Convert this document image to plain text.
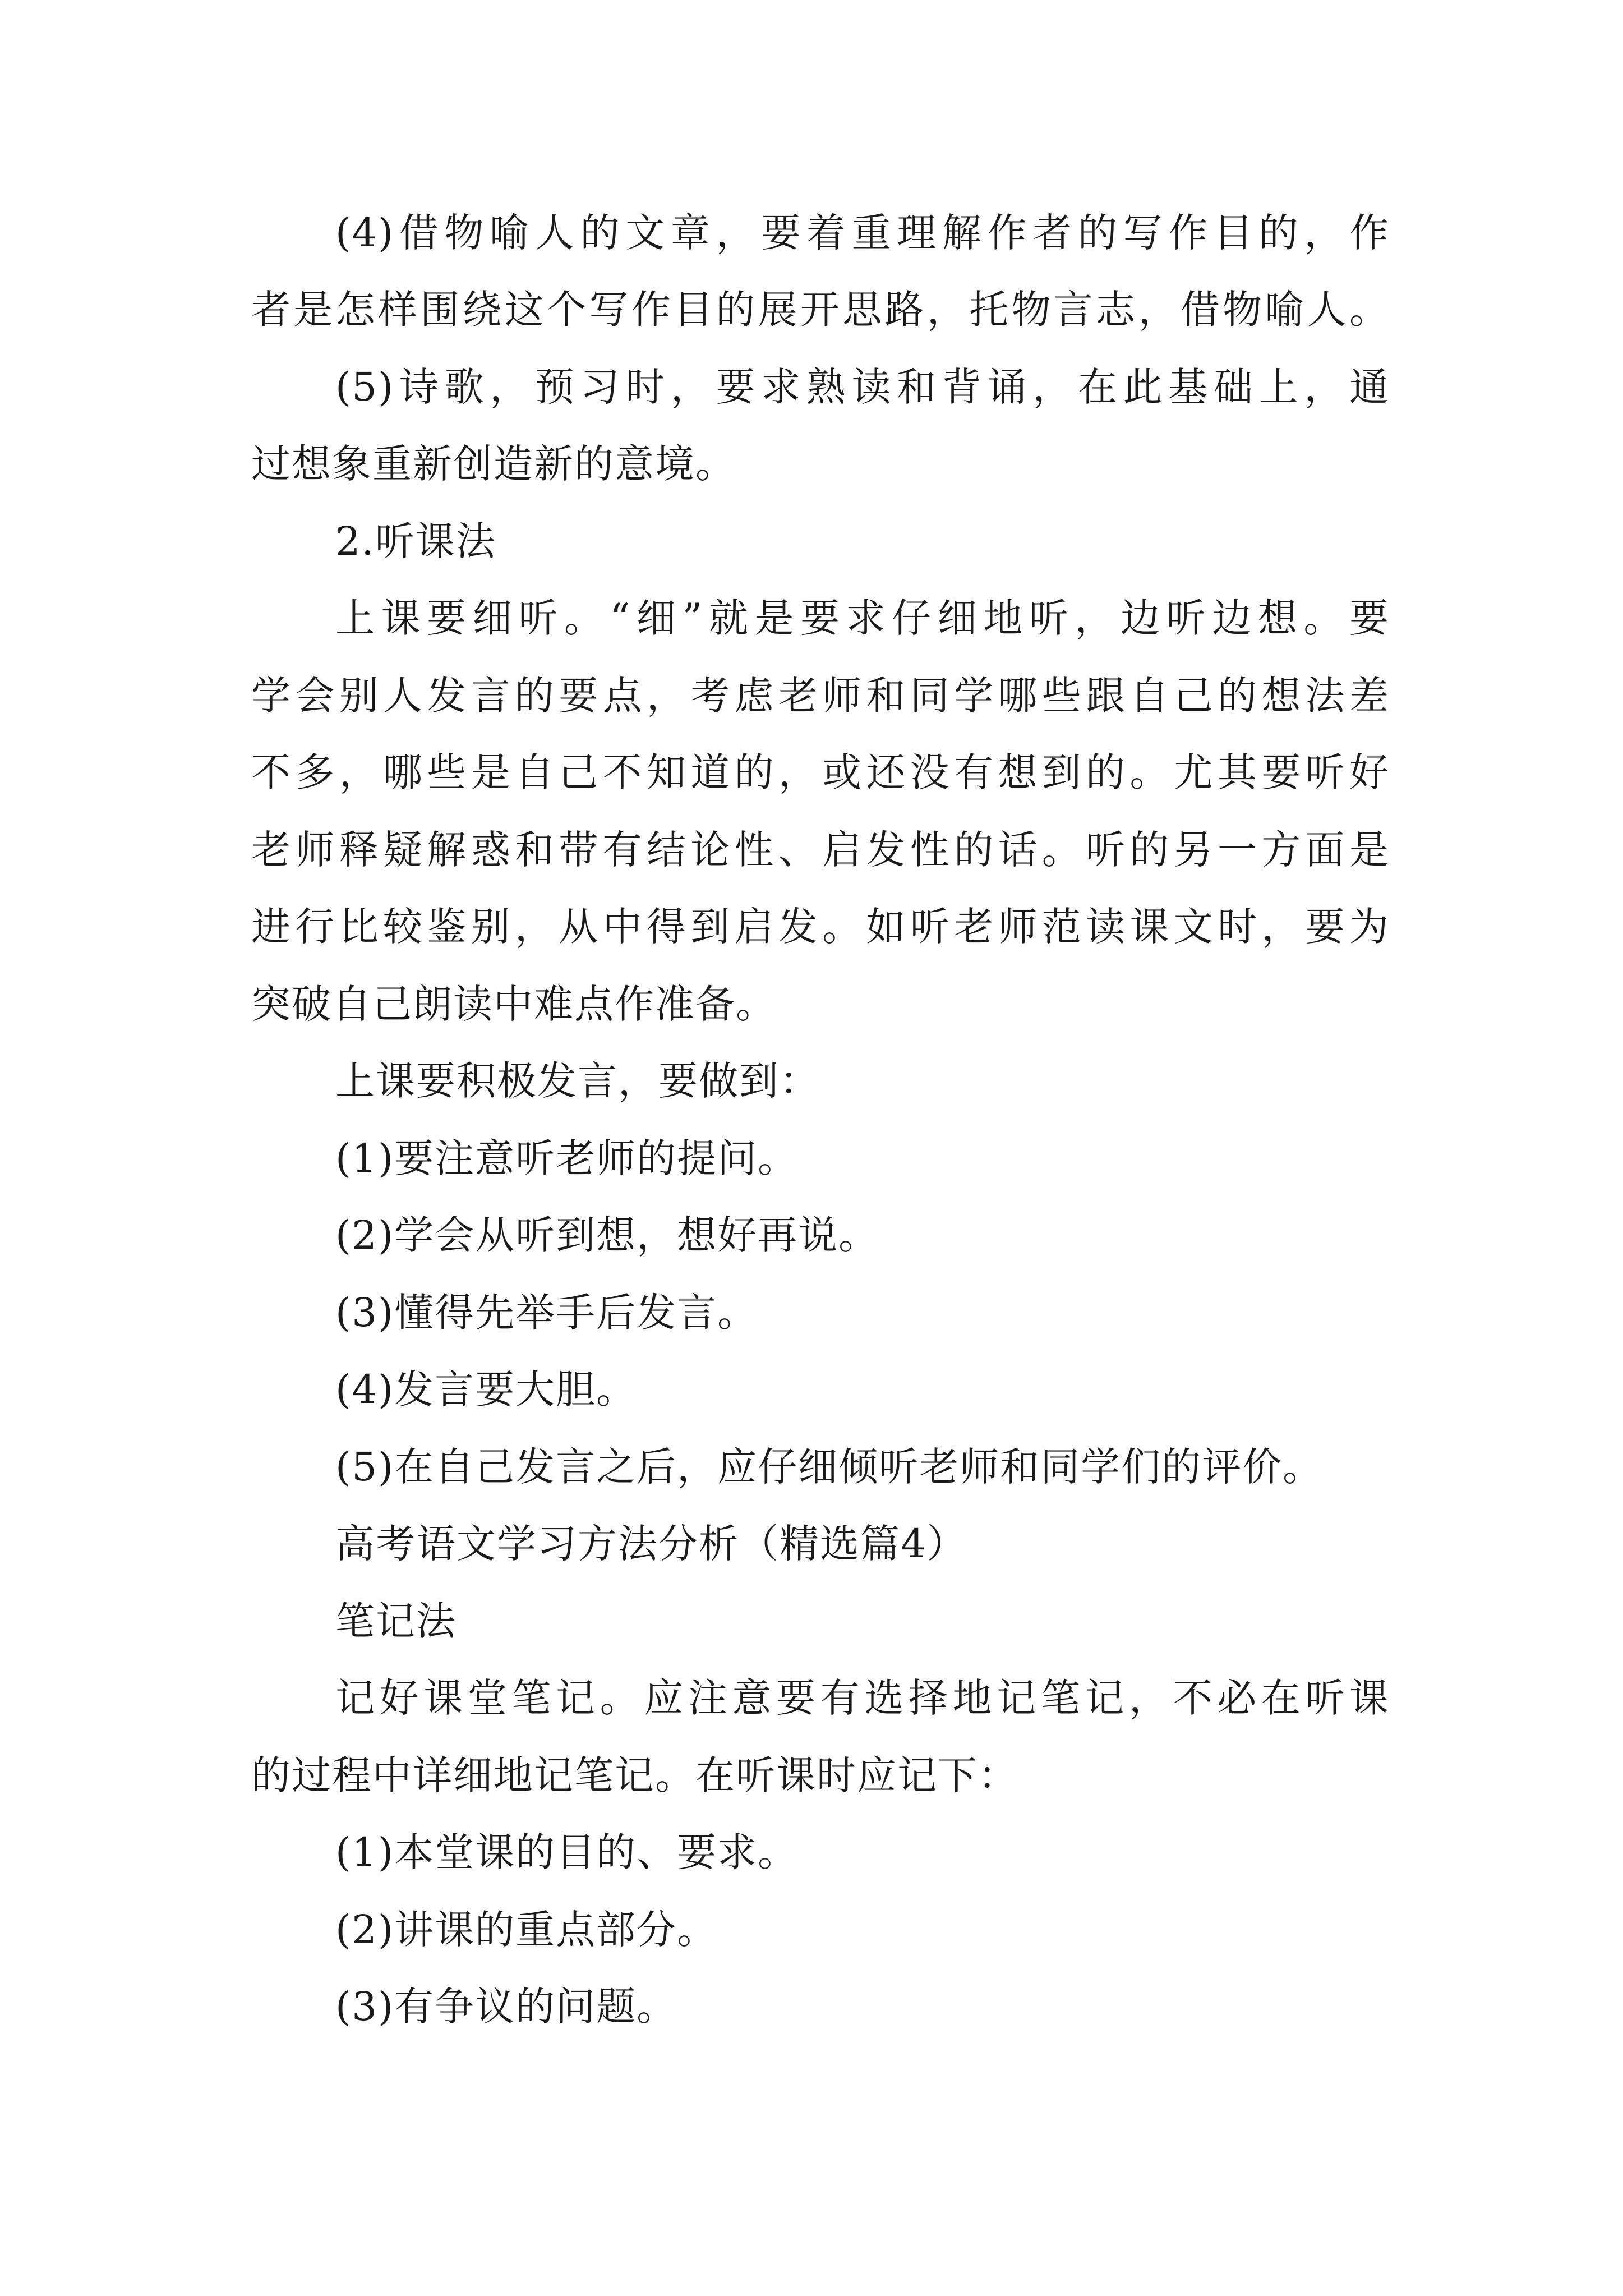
(4)借物喻人的文章，要着重理解作者的写作目的，作
者是怎样围绕这个写作目的展开思路，托物言志，借物喻人。
(5)诗歌，预习时，要求熟读和背诵，在此基础上，通
过想象重新创造新的意境。
2.听课法
上课要细听。“细”就是要求仔细地听，边听边想。要
学会别人发言的要点，考虑老师和同学哪些跟自己的想法差
不多，哪些是自己不知道的，或还没有想到的。尤其要听好
老师释疑解惑和带有结论性、启发性的话。听的另一方面是
进行比较鉴别，从中得到启发。如听老师范读课文时，要为
突破自己朗读中难点作准备。
上课要积极发言，要做到：
(1)要注意听老师的提问。
(2)学会从听到想，想好再说。
(3)懂得先举手后发言。
(4)发言要大胆。
(5)在自己发言之后，应仔细倾听老师和同学们的评价。
高考语文学习方法分析（精选篇4）
笔记法
记好课堂笔记。应注意要有选择地记笔记，不必在听课
的过程中详细地记笔记。在听课时应记下：
(1)本堂课的目的、要求。
(2)讲课的重点部分。
(3)有争议的问题。
